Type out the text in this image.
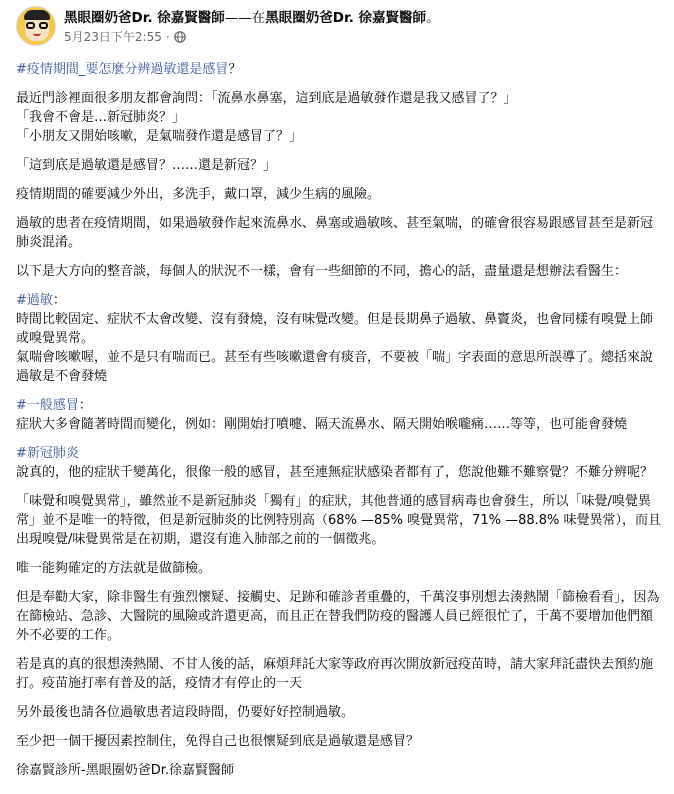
黑眼圈奶爸Dr. 徐嘉賢醫師——在黑眼圈奶爸Dr. 徐嘉賢醫師。
5月23日下午2:55 ·

#疫情期間_要怎麼分辨過敏還是感冒？

最近門診裡面很多朋友都會詢問：「流鼻水鼻塞，這到底是過敏發作還是我又感冒了？」
「我會不會是…新冠肺炎？」
「小朋友又開始咳嗽，是氣喘發作還是感冒了？」

「這到底是過敏還是感冒？……還是新冠？」

疫情期間的確要減少外出，多洗手，戴口罩，減少生病的風險。

過敏的患者在疫情期間，如果過敏發作起來流鼻水、鼻塞或過敏咳、甚至氣喘，的確會很容易跟感冒甚至是新冠肺炎混淆。

以下是大方向的整音談，每個人的狀況不一樣，會有一些細節的不同，擔心的話，盡量還是想辦法看醫生：

#過敏：
時間比較固定、症狀不太會改變、沒有發燒，沒有味覺改變。但是長期鼻子過敏、鼻竇炎，也會同樣有嗅覺上師或嗅覺異常。
氣喘會咳嗽喔，並不是只有喘而已。甚至有些咳嗽還會有痰音，不要被「喘」字表面的意思所誤導了。總括來說過敏是不會發燒

#一般感冒：
症狀大多會隨著時間而變化，例如：剛開始打噴嚏、隔天流鼻水、隔天開始喉嚨痛……等等，也可能會發燒

#新冠肺炎
說真的，他的症狀千變萬化，很像一般的感冒，甚至連無症狀感染者都有了，您說他難不難察覺？不難分辨呢？

「味覺和嗅覺異常」，雖然並不是新冠肺炎「獨有」的症狀，其他普通的感冒病毒也會發生，所以「味覺/嗅覺異常」並不是唯一的特徵，但是新冠肺炎的比例特別高（68% —85% 嗅覺異常，71% —88.8% 味覺異常），而且出現嗅覺/味覺異常是在初期，還沒有進入肺部之前的一個徵兆。

唯一能夠確定的方法就是做篩檢。

但是奉勸大家，除非醫生有強烈懷疑、接觸史、足跡和確診者重疊的，千萬沒事別想去湊熱鬧「篩檢看看」，因為在篩檢站、急診、大醫院的風險或許還更高，而且正在替我們防疫的醫護人員已經很忙了，千萬不要增加他們額外不必要的工作。

若是真的真的很想湊熱鬧、不甘人後的話，麻煩拜託大家等政府再次開放新冠疫苗時，請大家拜託盡快去預約施打。疫苗施打率有普及的話，疫情才有停止的一天

另外最後也請各位過敏患者這段時間，仍要好好控制過敏。

至少把一個干擾因素控制住，免得自己也很懷疑到底是過敏還是感冒？

徐嘉賢診所-黑眼圈奶爸Dr.徐嘉賢醫師
